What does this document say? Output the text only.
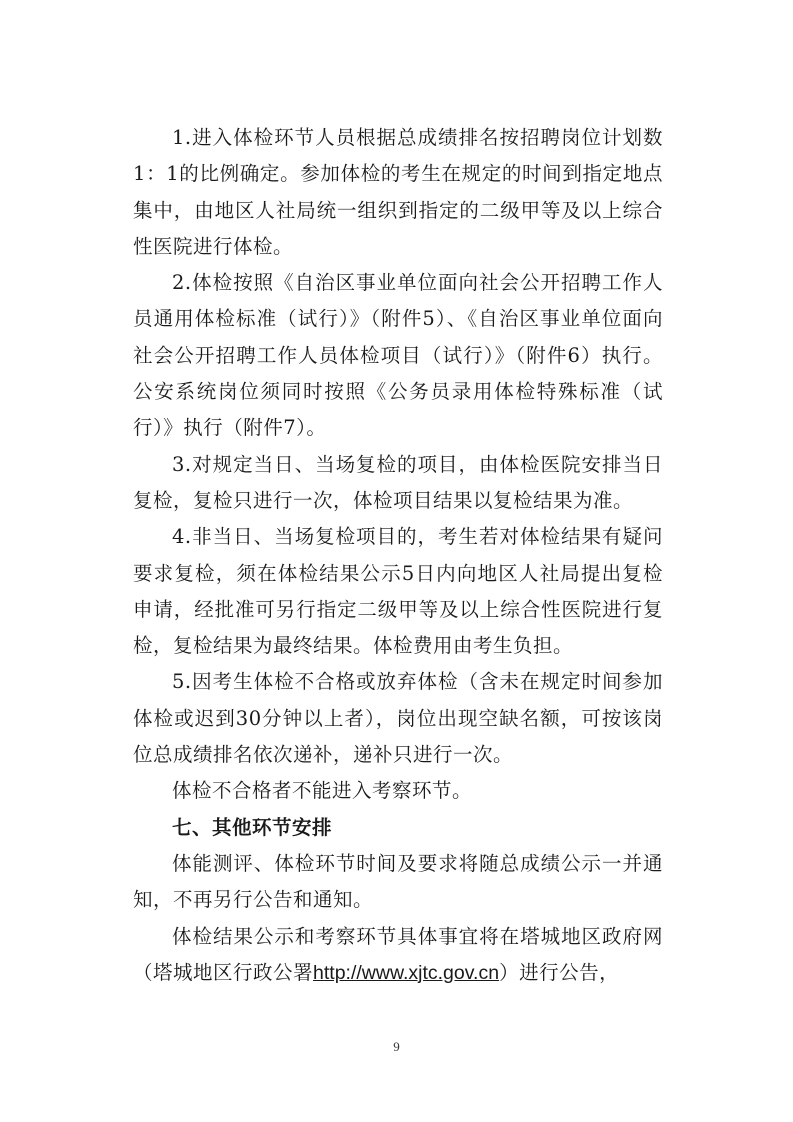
1.进入体检环节人员根据总成绩排名按招聘岗位计划数1：1的比例确定。参加体检的考生在规定的时间到指定地点集中，由地区人社局统一组织到指定的二级甲等及以上综合性医院进行体检。

2.体检按照《自治区事业单位面向社会公开招聘工作人员通用体检标准（试行）》（附件5）、《自治区事业单位面向社会公开招聘工作人员体检项目（试行）》（附件6）执行。公安系统岗位须同时按照《公务员录用体检特殊标准（试行）》执行（附件7）。

3.对规定当日、当场复检的项目，由体检医院安排当日复检，复检只进行一次，体检项目结果以复检结果为准。

4.非当日、当场复检项目的，考生若对体检结果有疑问要求复检，须在体检结果公示5日内向地区人社局提出复检申请，经批准可另行指定二级甲等及以上综合性医院进行复检，复检结果为最终结果。体检费用由考生负担。

5.因考生体检不合格或放弃体检（含未在规定时间参加体检或迟到30分钟以上者），岗位出现空缺名额，可按该岗位总成绩排名依次递补，递补只进行一次。

体检不合格者不能进入考察环节。

七、其他环节安排

体能测评、体检环节时间及要求将随总成绩公示一并通知，不再另行公告和通知。

体检结果公示和考察环节具体事宜将在塔城地区政府网（塔城地区行政公署http://www.xjtc.gov.cn）进行公告，

9
